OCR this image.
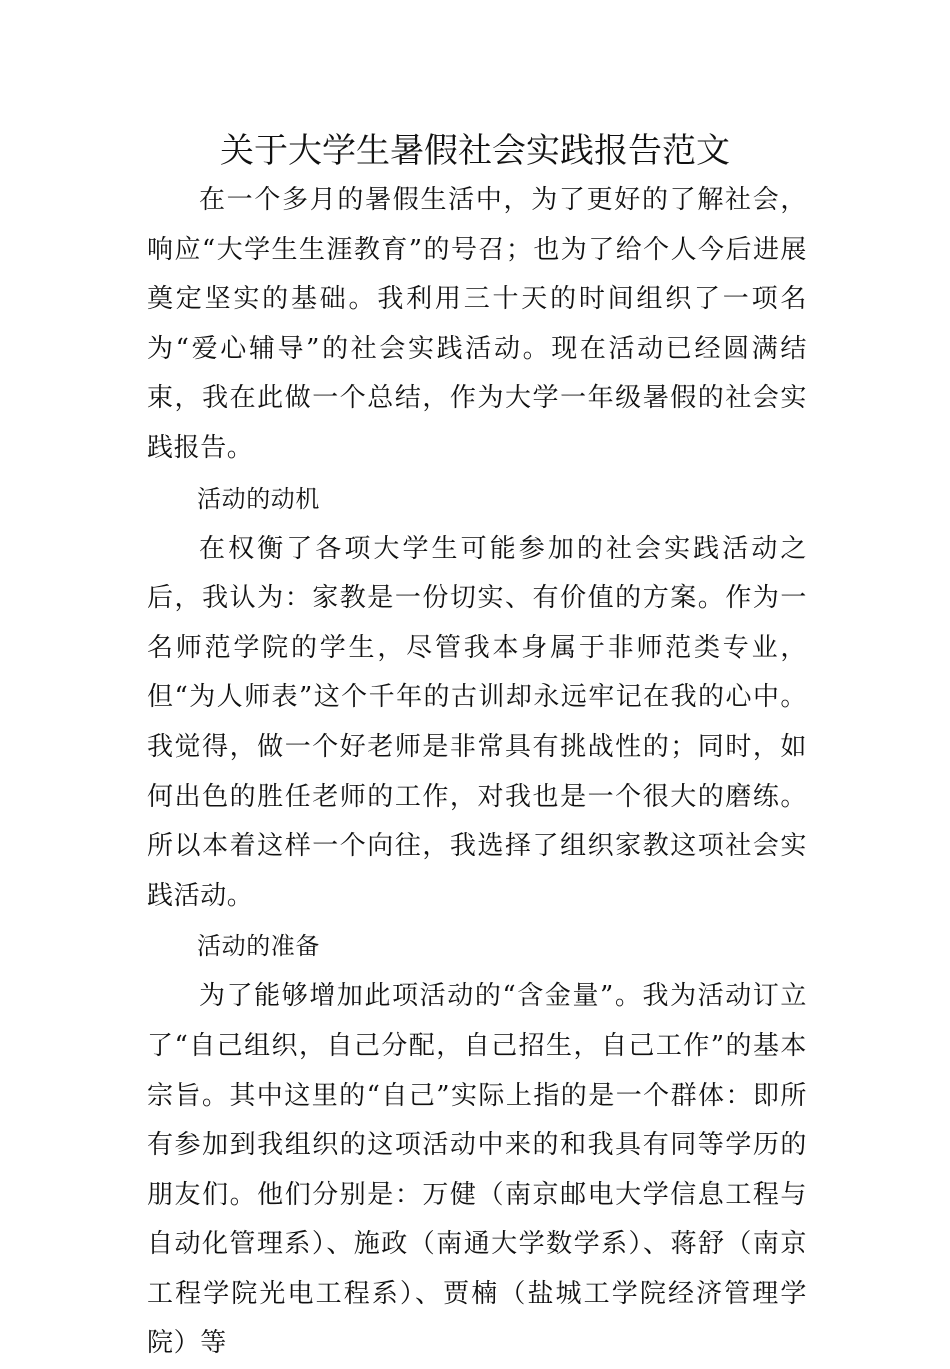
关于大学生暑假社会实践报告范文

在一个多月的暑假生活中，为了更好的了解社会，响应“大学生生涯教育”的号召；也为了给个人今后进展奠定坚实的基础。我利用三十天的时间组织了一项名为“爱心辅导”的社会实践活动。现在活动已经圆满结束，我在此做一个总结，作为大学一年级暑假的社会实践报告。

活动的动机

在权衡了各项大学生可能参加的社会实践活动之后，我认为：家教是一份切实、有价值的方案。作为一名师范学院的学生，尽管我本身属于非师范类专业，但“为人师表”这个千年的古训却永远牢记在我的心中。我觉得，做一个好老师是非常具有挑战性的；同时，如何出色的胜任老师的工作，对我也是一个很大的磨练。所以本着这样一个向往，我选择了组织家教这项社会实践活动。

活动的准备

为了能够增加此项活动的“含金量”。我为活动订立了“自己组织，自己分配，自己招生，自己工作”的基本宗旨。其中这里的“自己”实际上指的是一个群体：即所有参加到我组织的这项活动中来的和我具有同等学历的朋友们。他们分别是：万健（南京邮电大学信息工程与自动化管理系）、施政（南通大学数学系）、蒋舒（南京工程学院光电工程系）、贾楠（盐城工学院经济管理学院）等
